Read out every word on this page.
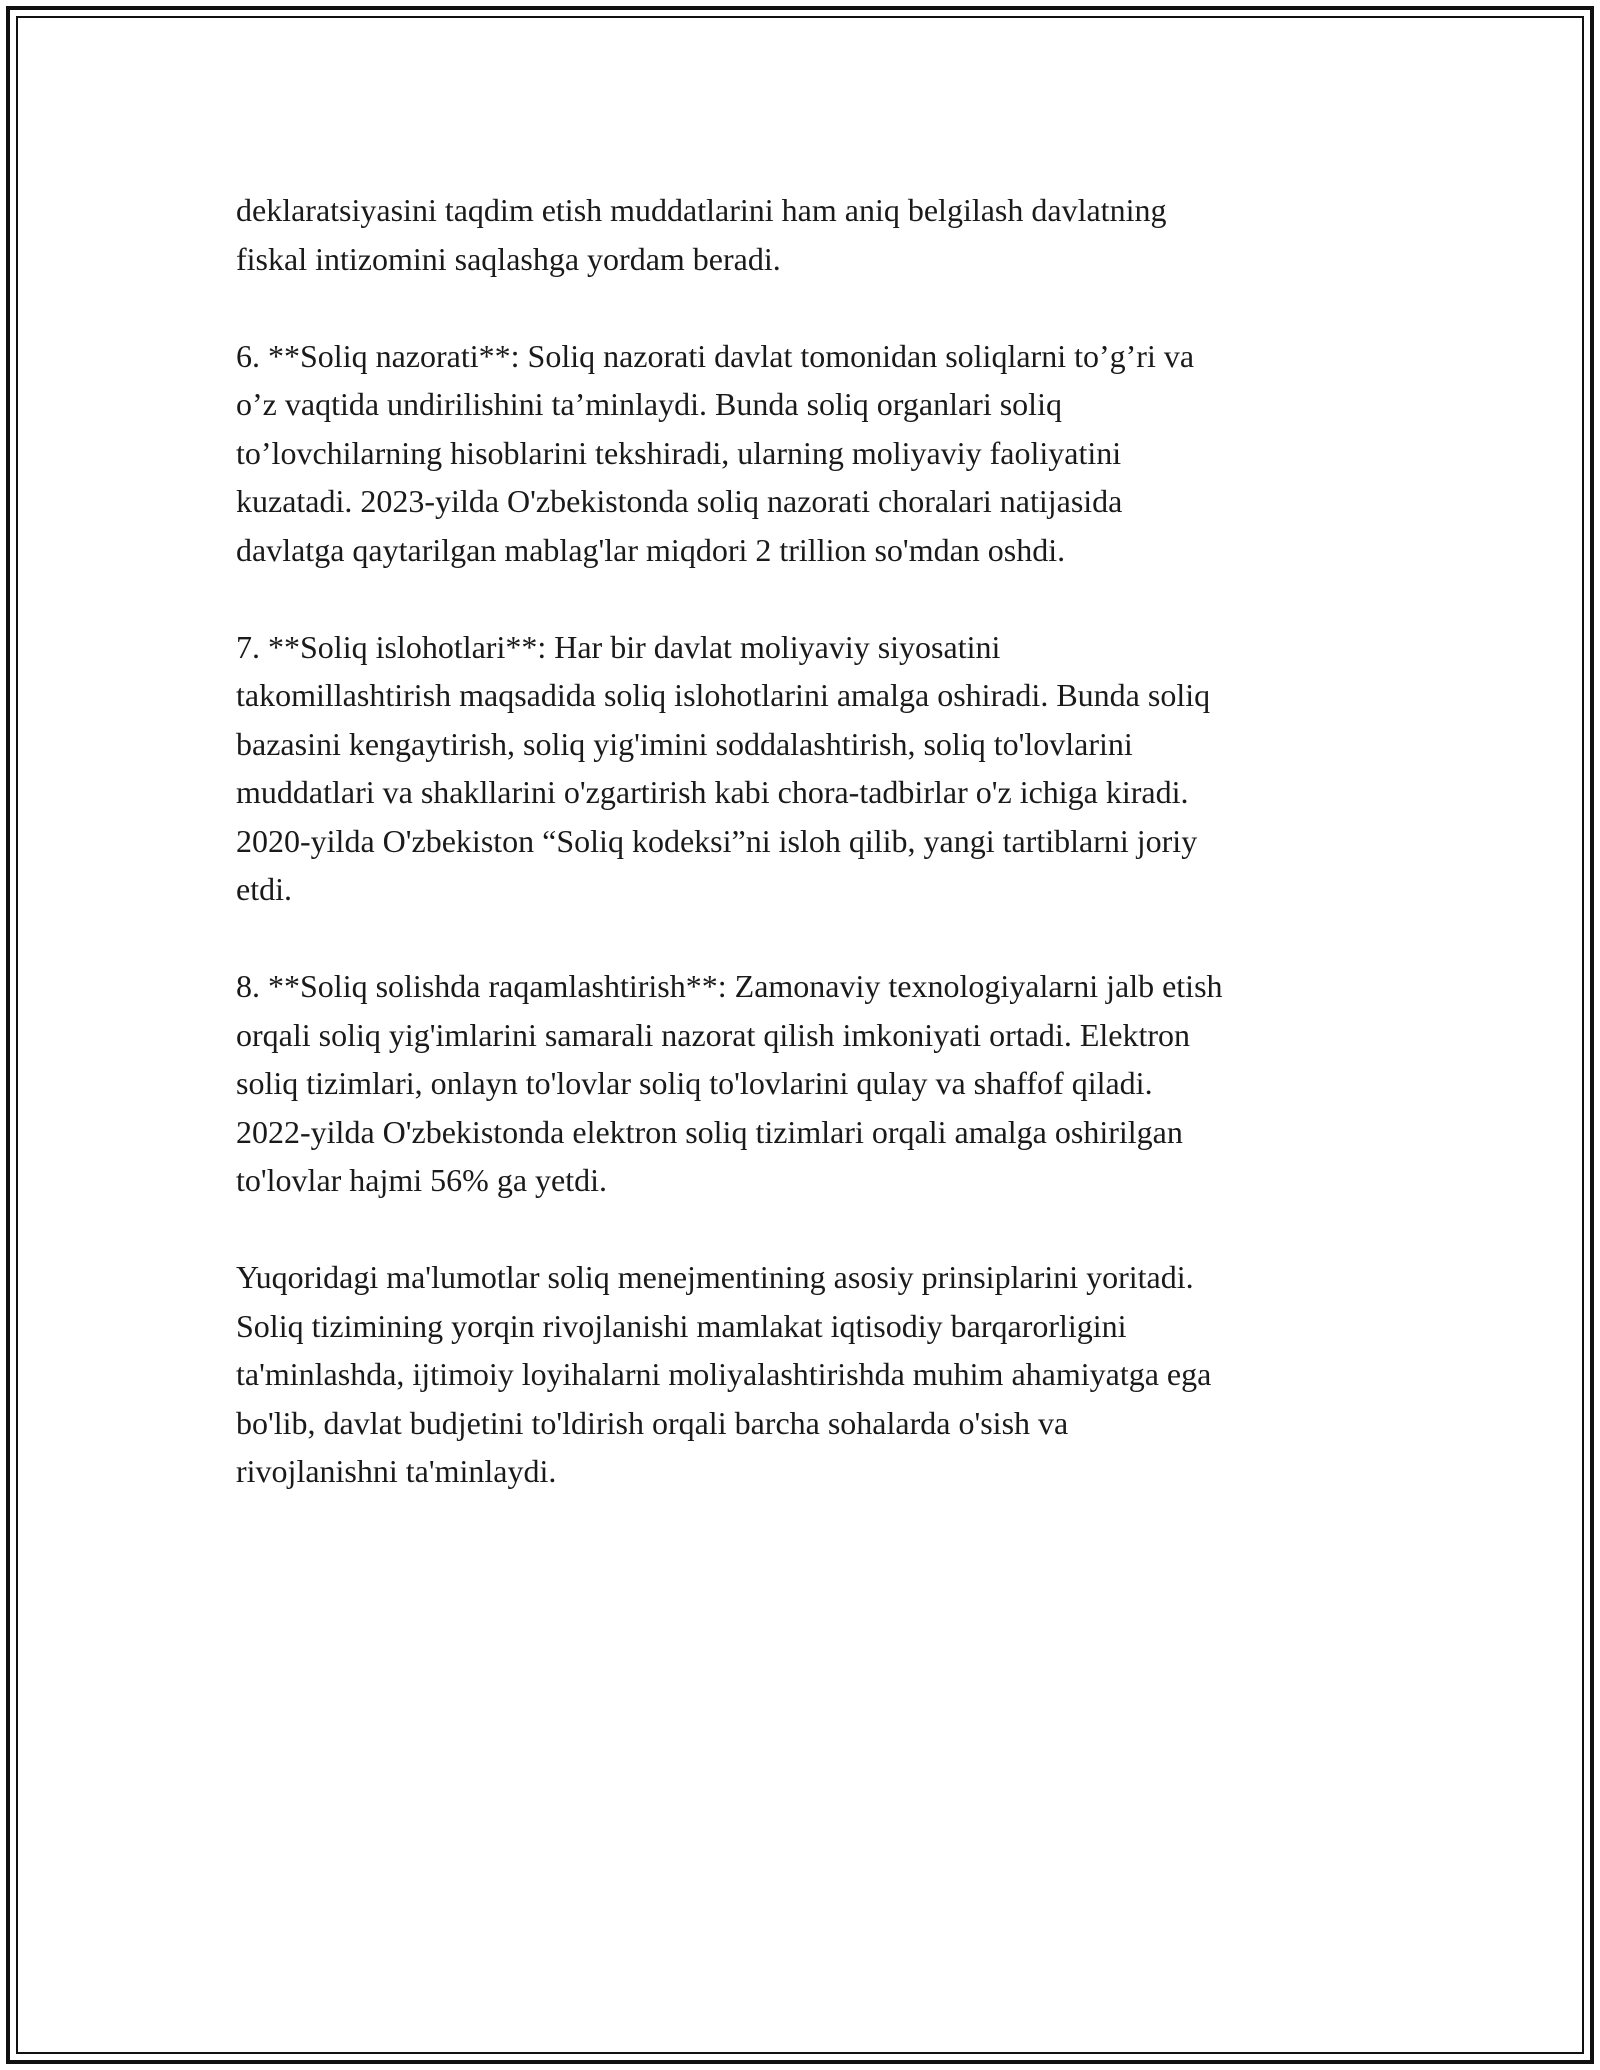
deklaratsiyasini taqdim etish muddatlarini ham aniq belgilash davlatning
fiskal intizomini saqlashga yordam beradi.

6. **Soliq nazorati**: Soliq nazorati davlat tomonidan soliqlarni to’g’ri va
o’z vaqtida undirilishini ta’minlaydi. Bunda soliq organlari soliq
to’lovchilarning hisoblarini tekshiradi, ularning moliyaviy faoliyatini
kuzatadi. 2023-yilda O'zbekistonda soliq nazorati choralari natijasida
davlatga qaytarilgan mablag'lar miqdori 2 trillion so'mdan oshdi.

7. **Soliq islohotlari**: Har bir davlat moliyaviy siyosatini
takomillashtirish maqsadida soliq islohotlarini amalga oshiradi. Bunda soliq
bazasini kengaytirish, soliq yig'imini soddalashtirish, soliq to'lovlarini
muddatlari va shakllarini o'zgartirish kabi chora-tadbirlar o'z ichiga kiradi.
2020-yilda O'zbekiston “Soliq kodeksi”ni isloh qilib, yangi tartiblarni joriy
etdi.

8. **Soliq solishda raqamlashtirish**: Zamonaviy texnologiyalarni jalb etish
orqali soliq yig'imlarini samarali nazorat qilish imkoniyati ortadi. Elektron
soliq tizimlari, onlayn to'lovlar soliq to'lovlarini qulay va shaffof qiladi.
2022-yilda O'zbekistonda elektron soliq tizimlari orqali amalga oshirilgan
to'lovlar hajmi 56% ga yetdi.

Yuqoridagi ma'lumotlar soliq menejmentining asosiy prinsiplarini yoritadi.
Soliq tizimining yorqin rivojlanishi mamlakat iqtisodiy barqarorligini
ta'minlashda, ijtimoiy loyihalarni moliyalashtirishda muhim ahamiyatga ega
bo'lib, davlat budjetini to'ldirish orqali barcha sohalarda o'sish va
rivojlanishni ta'minlaydi.
